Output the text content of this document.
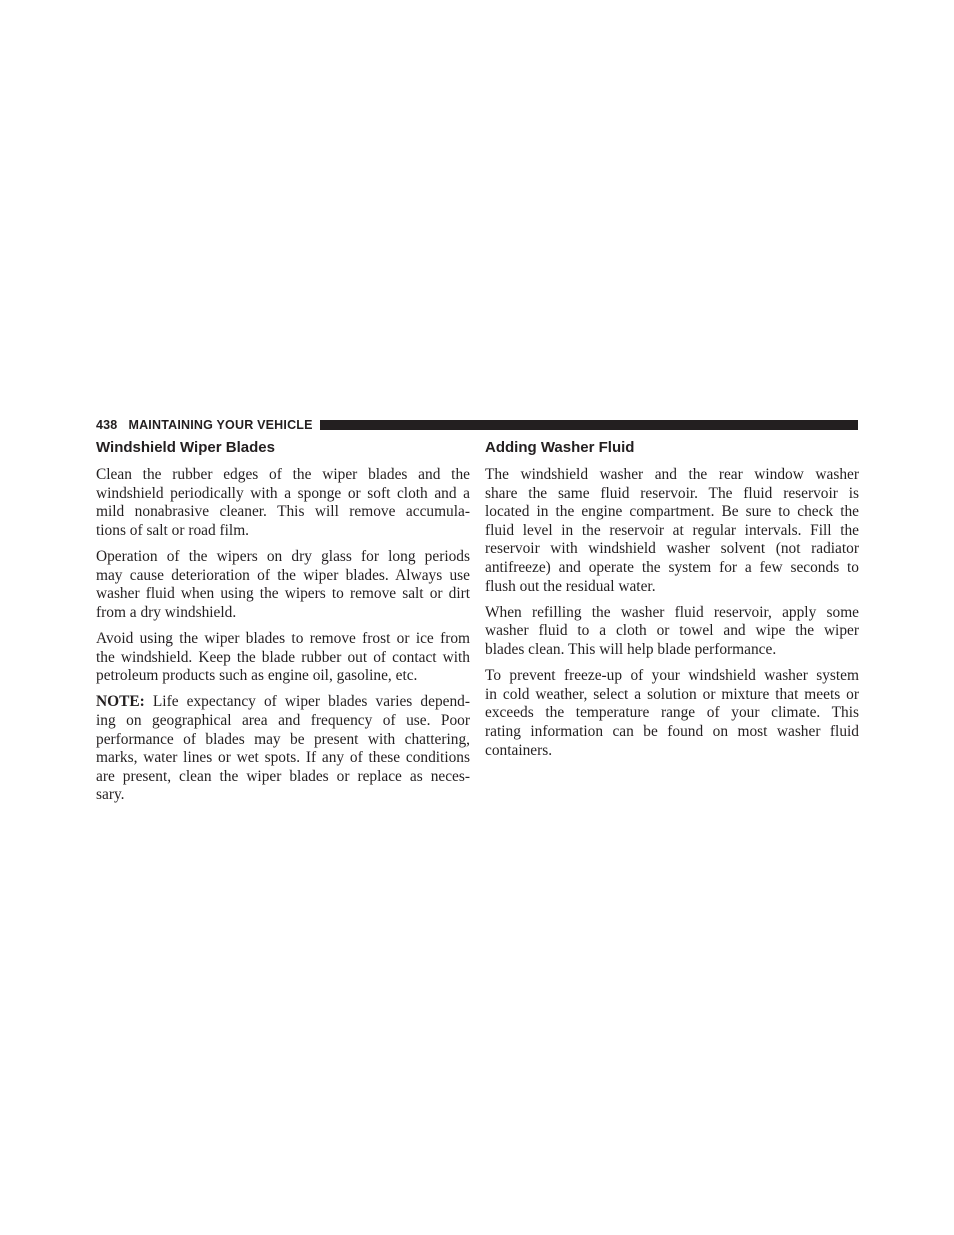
438 MAINTAINING YOUR VEHICLE
Windshield Wiper Blades
Clean the rubber edges of the wiper blades and the
windshield periodically with a sponge or soft cloth and a
mild nonabrasive cleaner. This will remove accumula-
tions of salt or road film.
Operation of the wipers on dry glass for long periods
may cause deterioration of the wiper blades. Always use
washer fluid when using the wipers to remove salt or dirt
from a dry windshield.
Avoid using the wiper blades to remove frost or ice from
the windshield. Keep the blade rubber out of contact with
petroleum products such as engine oil, gasoline, etc.
NOTE: Life expectancy of wiper blades varies depend-
ing on geographical area and frequency of use. Poor
performance of blades may be present with chattering,
marks, water lines or wet spots. If any of these conditions
are present, clean the wiper blades or replace as neces-
sary.
Adding Washer Fluid
The windshield washer and the rear window washer
share the same fluid reservoir. The fluid reservoir is
located in the engine compartment. Be sure to check the
fluid level in the reservoir at regular intervals. Fill the
reservoir with windshield washer solvent (not radiator
antifreeze) and operate the system for a few seconds to
flush out the residual water.
When refilling the washer fluid reservoir, apply some
washer fluid to a cloth or towel and wipe the wiper
blades clean. This will help blade performance.
To prevent freeze-up of your windshield washer system
in cold weather, select a solution or mixture that meets or
exceeds the temperature range of your climate. This
rating information can be found on most washer fluid
containers.
